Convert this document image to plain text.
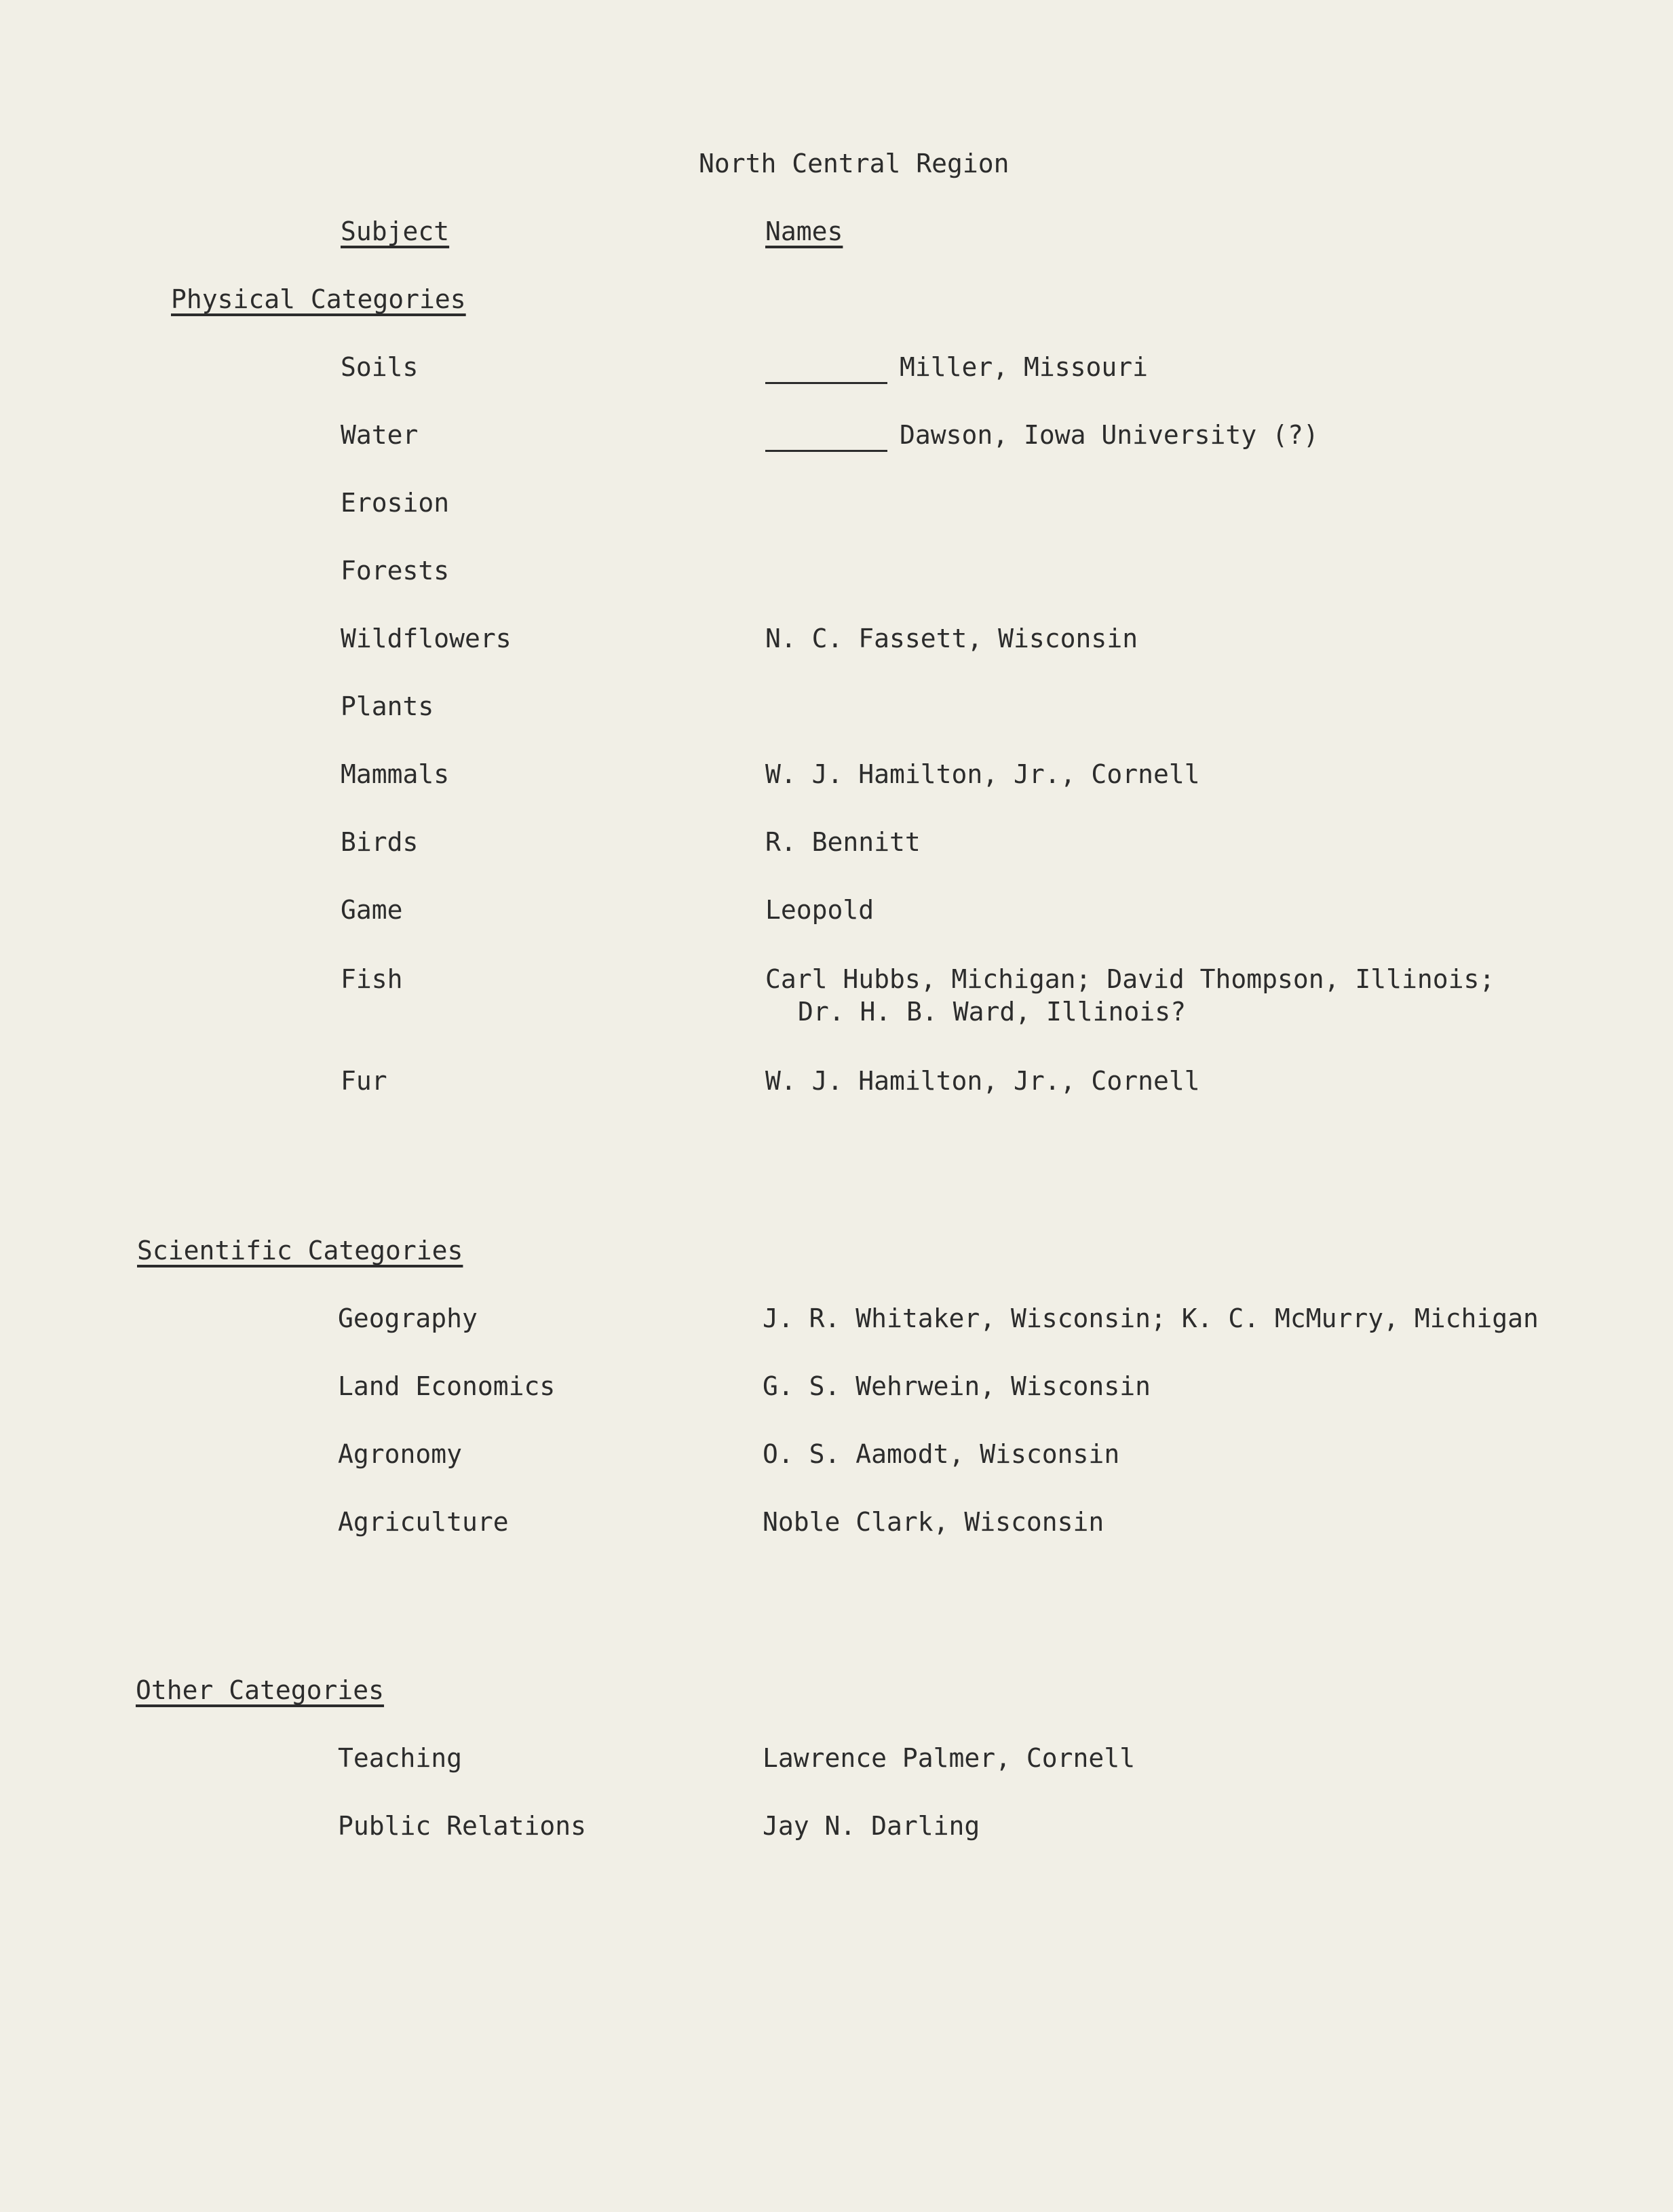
North Central Region
Subject	Names
Physical Categories
Soils	Miller, Missouri
Water	Dawson, Iowa University (?)
Erosion
Forests
Wildflowers	N. C. Fassett, Wisconsin
Plants
Mammals	W. J. Hamilton, Jr., Cornell
Birds	R. Bennitt
Game	Leopold
Fish	Carl Hubbs, Michigan; David Thompson, Illinois;
Dr. H. B. Ward, Illinois?
Fur	W. J. Hamilton, Jr., Cornell
Scientific Categories
Geography	J. R. Whitaker, Wisconsin; K. C. McMurry, Michigan
Land Economics	G. S. Wehrwein, Wisconsin
Agronomy	O. S. Aamodt, Wisconsin
Agriculture	Noble Clark, Wisconsin
Other Categories
Teaching	Lawrence Palmer, Cornell
Public Relations	Jay N. Darling
